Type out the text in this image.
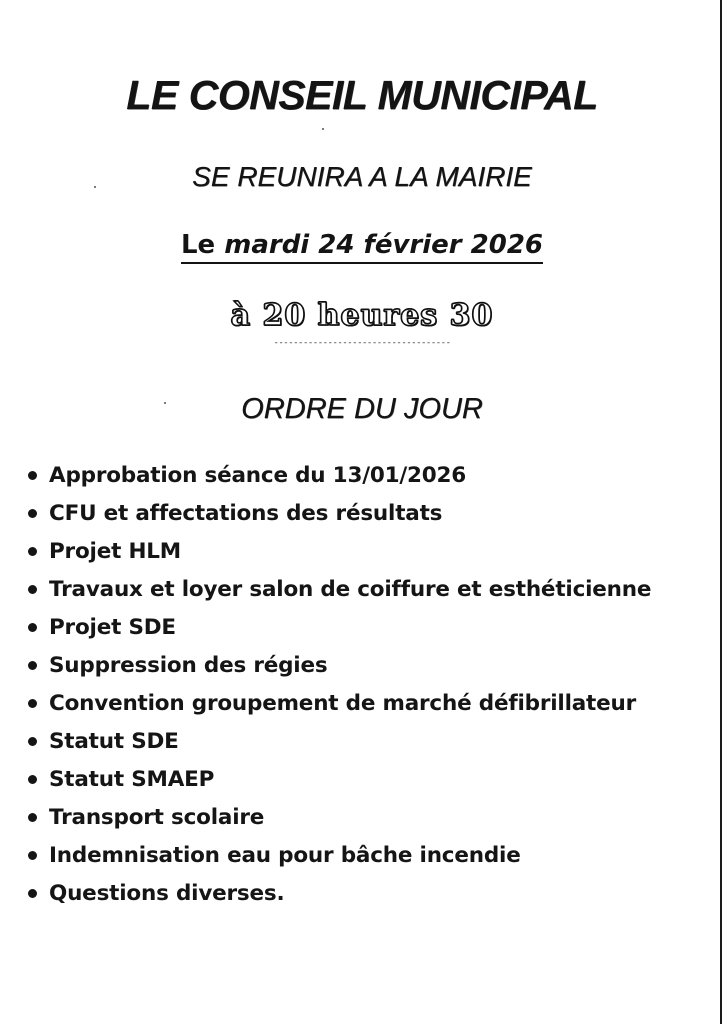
LE CONSEIL MUNICIPAL
SE REUNIRA A LA MAIRIE
Le mardi 24 février 2026
à 20 heures 30
------------------------------------
ORDRE DU JOUR
Approbation séance du 13/01/2026
CFU et affectations des résultats
Projet HLM
Travaux et loyer salon de coiffure et esthéticienne
Projet SDE
Suppression des régies
Convention groupement de marché défibrillateur
Statut SDE
Statut SMAEP
Transport scolaire
Indemnisation eau pour bâche incendie
Questions diverses.
